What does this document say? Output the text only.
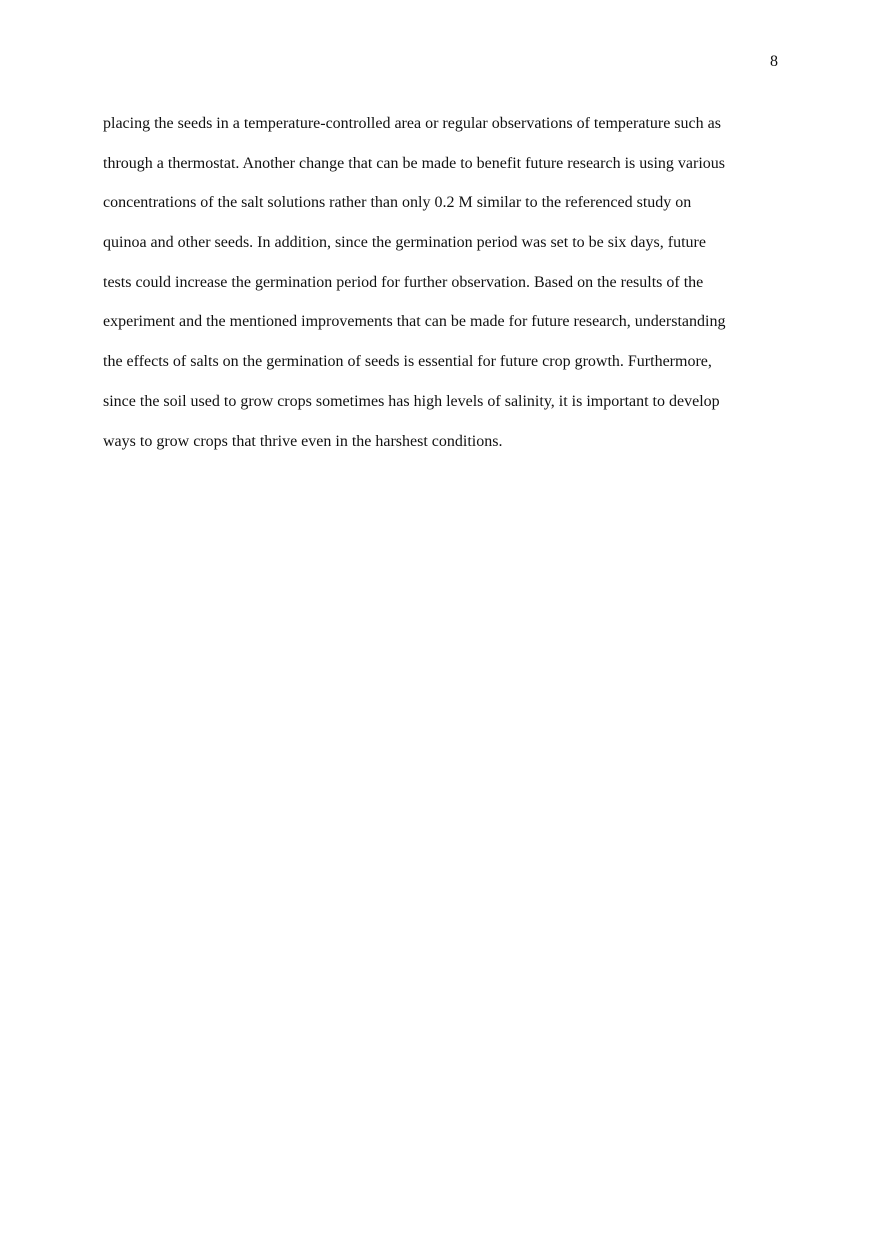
8
placing the seeds in a temperature-controlled area or regular observations of temperature such as
through a thermostat. Another change that can be made to benefit future research is using various
concentrations of the salt solutions rather than only 0.2 M similar to the referenced study on
quinoa and other seeds. In addition, since the germination period was set to be six days, future
tests could increase the germination period for further observation. Based on the results of the
experiment and the mentioned improvements that can be made for future research, understanding
the effects of salts on the germination of seeds is essential for future crop growth. Furthermore,
since the soil used to grow crops sometimes has high levels of salinity, it is important to develop
ways to grow crops that thrive even in the harshest conditions.
